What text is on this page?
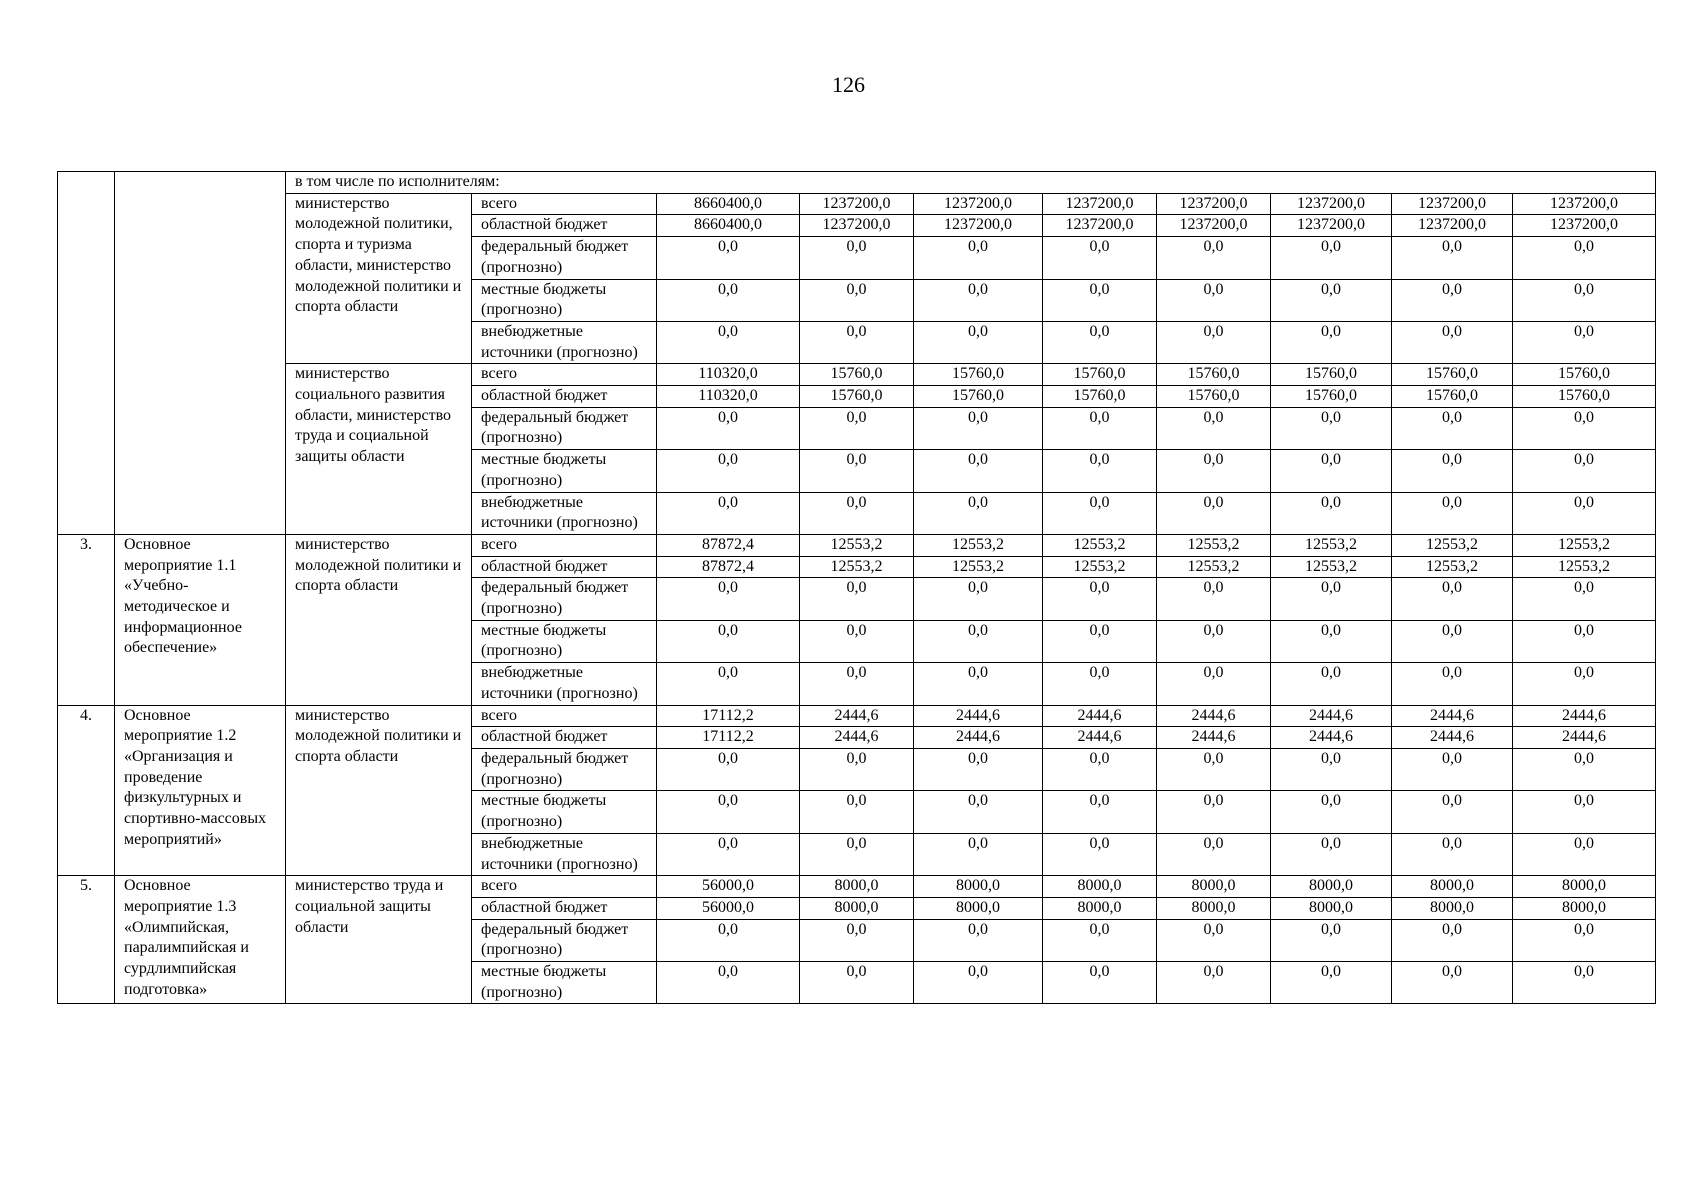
126
		в том числе по исполнителям:									
		министерство молодежной политики, спорта и туризма области, министерство молодежной политики и спорта области	всего	8660400,0	1237200,0	1237200,0	1237200,0	1237200,0	1237200,0	1237200,0	1237200,0
			областной бюджет	8660400,0	1237200,0	1237200,0	1237200,0	1237200,0	1237200,0	1237200,0	1237200,0
			федеральный бюджет (прогнозно)	0,0	0,0	0,0	0,0	0,0	0,0	0,0	0,0
			местные бюджеты (прогнозно)	0,0	0,0	0,0	0,0	0,0	0,0	0,0	0,0
			внебюджетные источники (прогнозно)	0,0	0,0	0,0	0,0	0,0	0,0	0,0	0,0
		министерство социального развития области, министерство труда и социальной защиты области	всего	110320,0	15760,0	15760,0	15760,0	15760,0	15760,0	15760,0	15760,0
			областной бюджет	110320,0	15760,0	15760,0	15760,0	15760,0	15760,0	15760,0	15760,0
			федеральный бюджет (прогнозно)	0,0	0,0	0,0	0,0	0,0	0,0	0,0	0,0
			местные бюджеты (прогнозно)	0,0	0,0	0,0	0,0	0,0	0,0	0,0	0,0
			внебюджетные источники (прогнозно)	0,0	0,0	0,0	0,0	0,0	0,0	0,0	0,0
3.	Основное мероприятие 1.1 «Учебно-методическое и информационное обеспечение»	министерство молодежной политики и спорта области	всего	87872,4	12553,2	12553,2	12553,2	12553,2	12553,2	12553,2	12553,2
			областной бюджет	87872,4	12553,2	12553,2	12553,2	12553,2	12553,2	12553,2	12553,2
			федеральный бюджет (прогнозно)	0,0	0,0	0,0	0,0	0,0	0,0	0,0	0,0
			местные бюджеты (прогнозно)	0,0	0,0	0,0	0,0	0,0	0,0	0,0	0,0
			внебюджетные источники (прогнозно)	0,0	0,0	0,0	0,0	0,0	0,0	0,0	0,0
4.	Основное мероприятие 1.2 «Организация и проведение физкультурных и спортивно-массовых мероприятий»	министерство молодежной политики и спорта области	всего	17112,2	2444,6	2444,6	2444,6	2444,6	2444,6	2444,6	2444,6
			областной бюджет	17112,2	2444,6	2444,6	2444,6	2444,6	2444,6	2444,6	2444,6
			федеральный бюджет (прогнозно)	0,0	0,0	0,0	0,0	0,0	0,0	0,0	0,0
			местные бюджеты (прогнозно)	0,0	0,0	0,0	0,0	0,0	0,0	0,0	0,0
			внебюджетные источники (прогнозно)	0,0	0,0	0,0	0,0	0,0	0,0	0,0	0,0
5.	Основное мероприятие 1.3 «Олимпийская, паралимпийская и сурдлимпийская подготовка»	министерство труда и социальной защиты области	всего	56000,0	8000,0	8000,0	8000,0	8000,0	8000,0	8000,0	8000,0
			областной бюджет	56000,0	8000,0	8000,0	8000,0	8000,0	8000,0	8000,0	8000,0
			федеральный бюджет (прогнозно)	0,0	0,0	0,0	0,0	0,0	0,0	0,0	0,0
			местные бюджеты (прогнозно)	0,0	0,0	0,0	0,0	0,0	0,0	0,0	0,0
